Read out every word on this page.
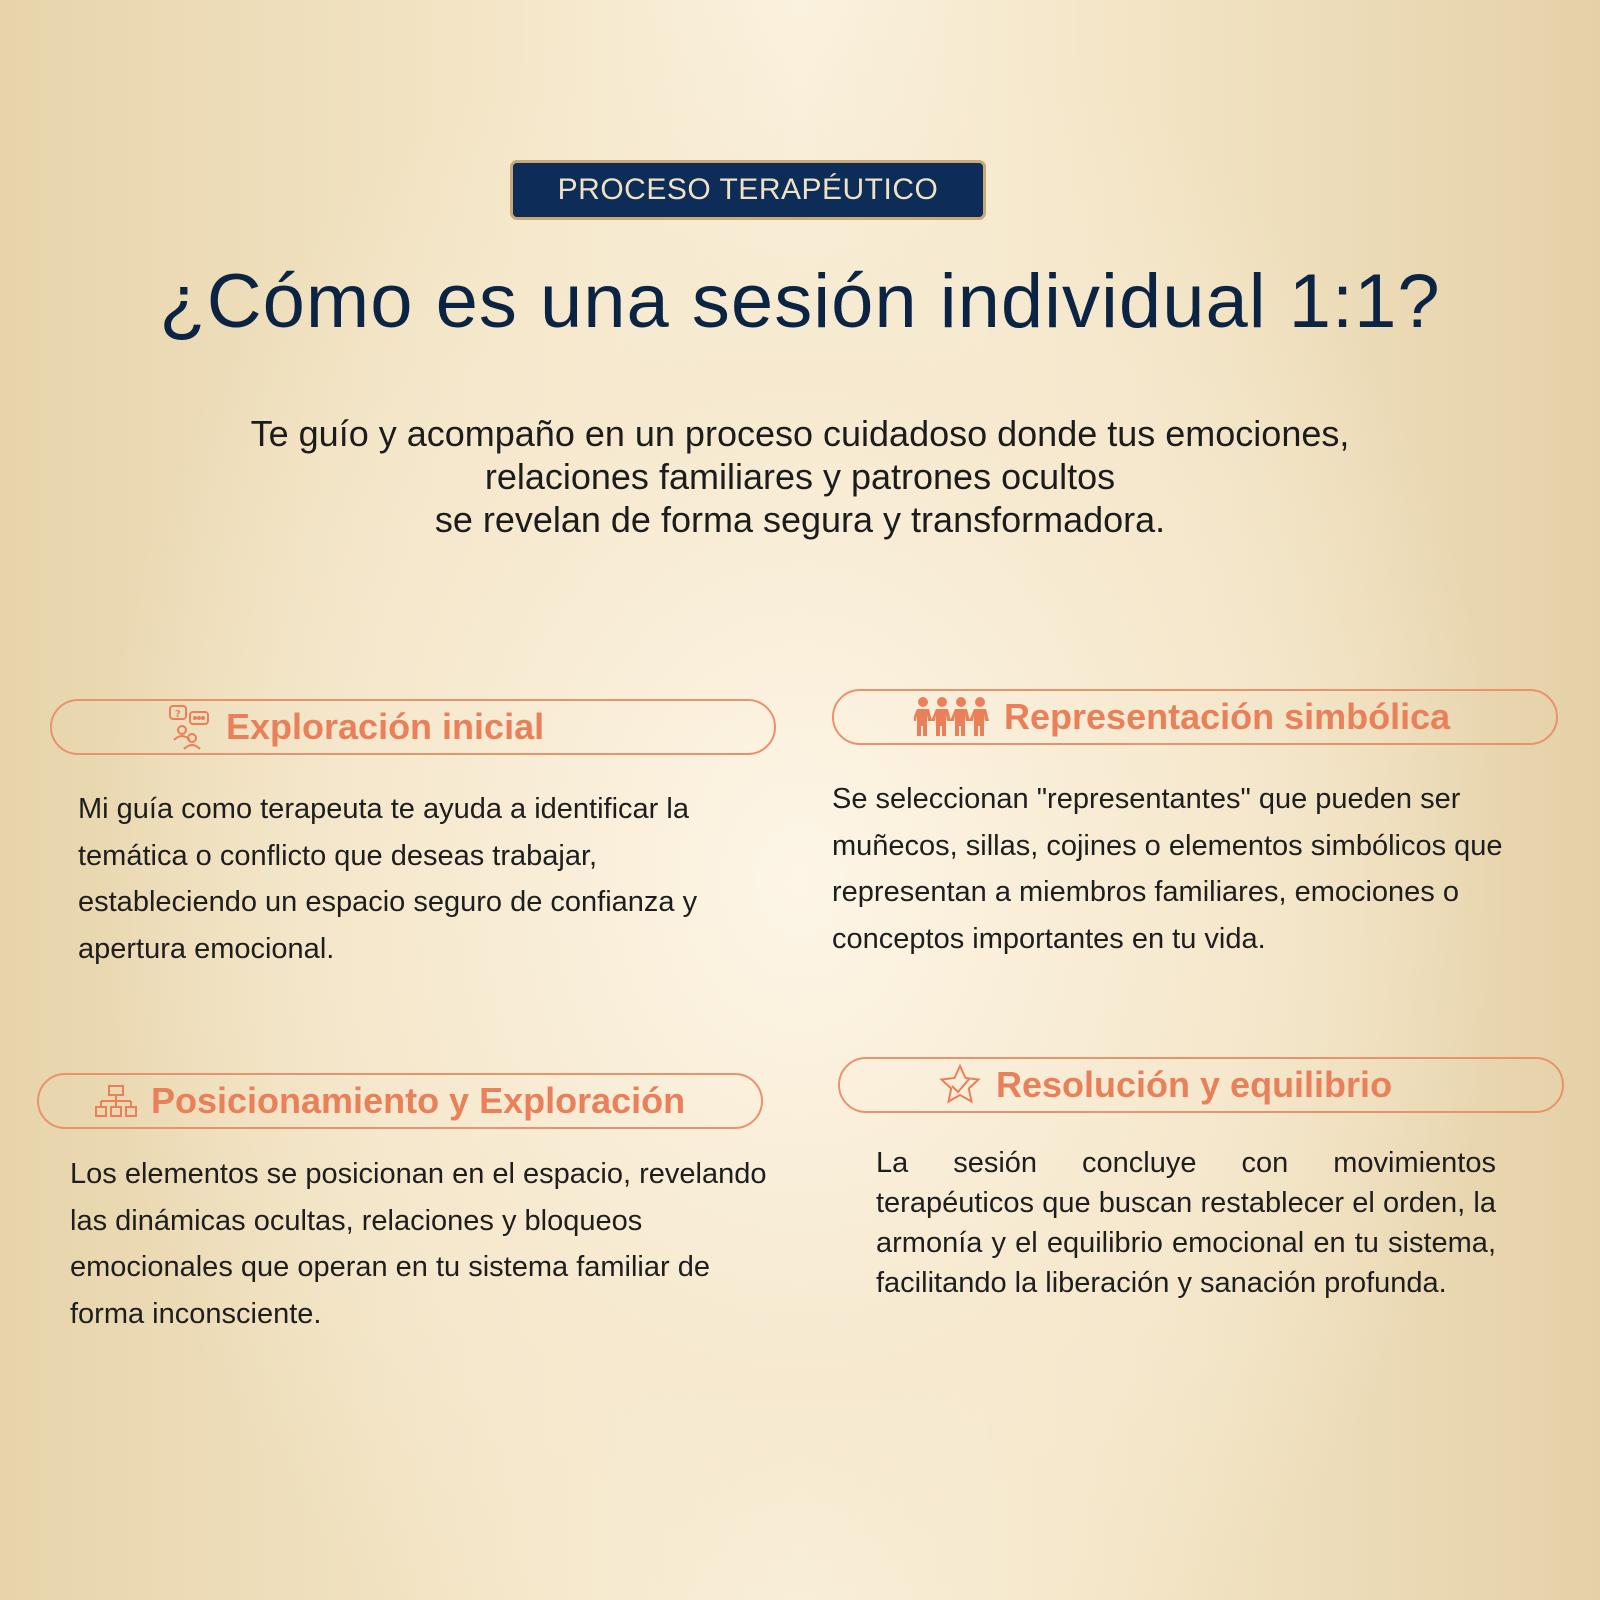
PROCESO TERAPÉUTICO
¿Cómo es una sesión individual 1:1?

Te guío y acompaño en un proceso cuidadoso donde tus emociones,
relaciones familiares y patrones ocultos
se revelan de forma segura y transformadora.

? Exploración inicial

Mi guía como terapeuta te ayuda a identificar la temática o conflicto que deseas trabajar, estableciendo un espacio seguro de confianza y apertura emocional.

Representación simbólica

Se seleccionan "representantes" que pueden ser muñecos, sillas, cojines o elementos simbólicos que representan a miembros familiares, emociones o conceptos importantes en tu vida.

Posicionamiento y Exploración

Los elementos se posicionan en el espacio, revelando las dinámicas ocultas, relaciones y bloqueos emocionales que operan en tu sistema familiar de forma inconsciente.

Resolución y equilibrio

La sesión concluye con movimientos terapéuticos que buscan restablecer el orden, la armonía y el equilibrio emocional en tu sistema, facilitando la liberación y sanación profunda.
